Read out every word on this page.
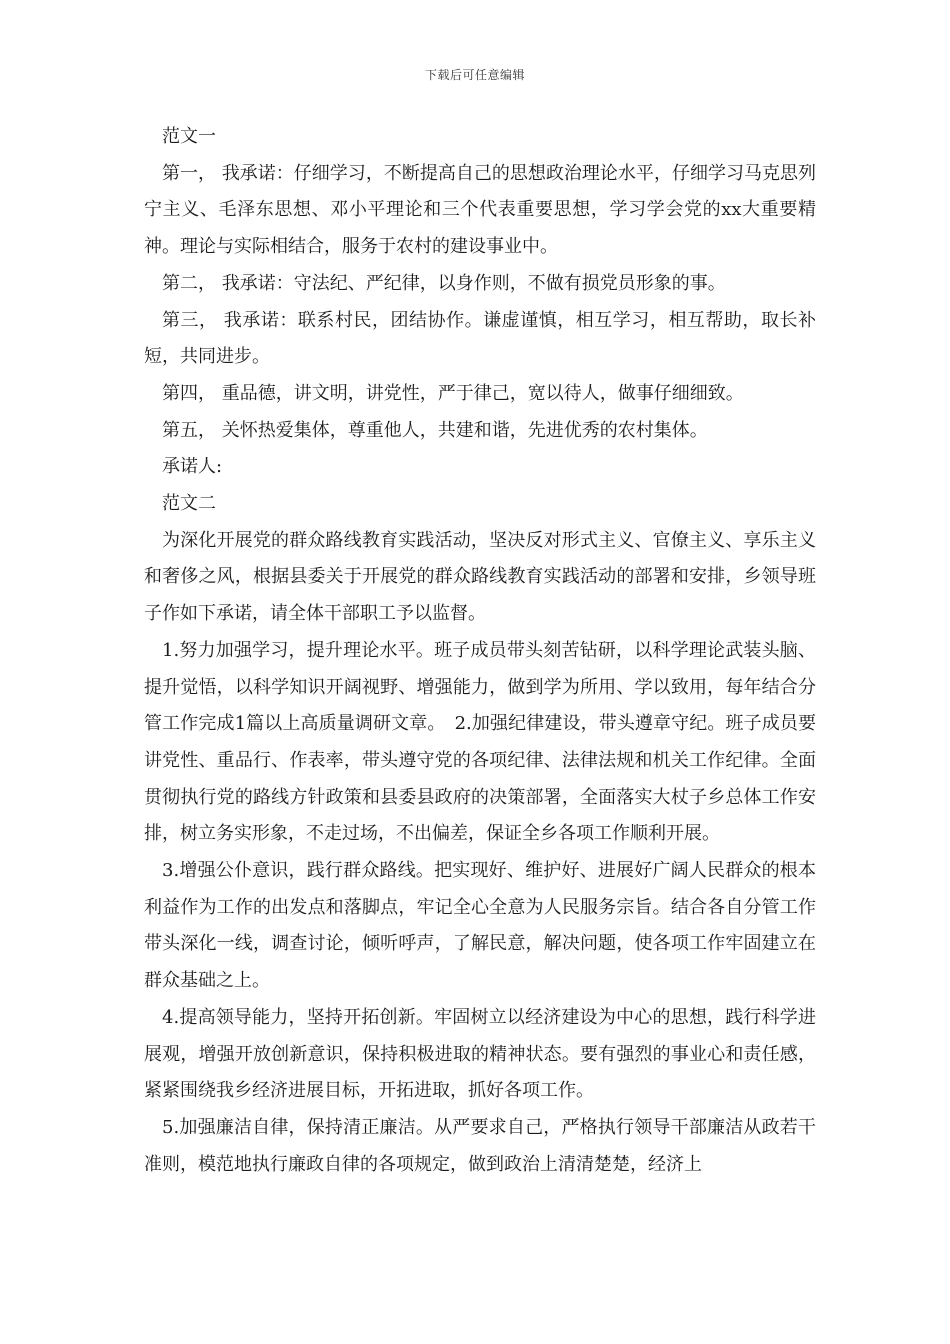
下载后可任意编辑

范文一

第一， 我承诺：仔细学习，不断提高自己的思想政治理论水平，仔细学习马克思列宁主义、毛泽东思想、邓小平理论和三个代表重要思想，学习学会党的xx大重要精神。理论与实际相结合，服务于农村的建设事业中。

第二， 我承诺：守法纪、严纪律，以身作则，不做有损党员形象的事。

第三， 我承诺：联系村民，团结协作。谦虚谨慎，相互学习，相互帮助，取长补短，共同进步。

第四， 重品德，讲文明，讲党性，严于律己，宽以待人，做事仔细细致。

第五， 关怀热爱集体，尊重他人，共建和谐，先进优秀的农村集体。

承诺人:

范文二

为深化开展党的群众路线教育实践活动，坚决反对形式主义、官僚主义、享乐主义和奢侈之风，根据县委关于开展党的群众路线教育实践活动的部署和安排，乡领导班子作如下承诺，请全体干部职工予以监督。

1.努力加强学习，提升理论水平。班子成员带头刻苦钻研，以科学理论武装头脑、提升觉悟，以科学知识开阔视野、增强能力，做到学为所用、学以致用，每年结合分管工作完成1篇以上高质量调研文章。　2.加强纪律建设，带头遵章守纪。班子成员要讲党性、重品行、作表率，带头遵守党的各项纪律、法律法规和机关工作纪律。全面贯彻执行党的路线方针政策和县委县政府的决策部署，全面落实大杖子乡总体工作安排，树立务实形象，不走过场，不出偏差，保证全乡各项工作顺利开展。

3.增强公仆意识，践行群众路线。把实现好、维护好、进展好广阔人民群众的根本利益作为工作的出发点和落脚点，牢记全心全意为人民服务宗旨。结合各自分管工作带头深化一线，调查讨论，倾听呼声，了解民意，解决问题，使各项工作牢固建立在群众基础之上。

4.提高领导能力，坚持开拓创新。牢固树立以经济建设为中心的思想，践行科学进展观，增强开放创新意识，保持积极进取的精神状态。要有强烈的事业心和责任感，紧紧围绕我乡经济进展目标，开拓进取，抓好各项工作。

5.加强廉洁自律，保持清正廉洁。从严要求自己，严格执行领导干部廉洁从政若干准则，模范地执行廉政自律的各项规定，做到政治上清清楚楚，经济上
